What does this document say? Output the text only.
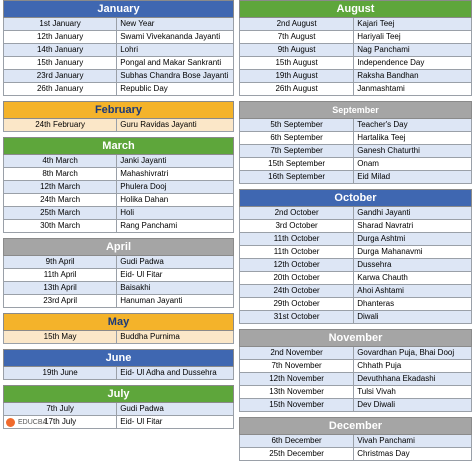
January
1st January	New Year
12th January	Swami Vivekananda Jayanti
14th January	Lohri
15th January	Pongal and Makar Sankranti
23rd January	Subhas Chandra Bose Jayanti
26th January	Republic Day
February
24th February	Guru Ravidas Jayanti
March
4th March	Janki Jayanti
8th March	Mahashivratri
12th March	Phulera Dooj
24th March	Holika Dahan
25th March	Holi
30th March	Rang Panchami
April
9th April	Gudi Padwa
11th April	Eid- Ul Fitar
13th April	Baisakhi
23rd April	Hanuman Jayanti
May
15th May	Buddha Purnima
June
19th June	Eid- Ul Adha and Dussehra
July
7th July	Gudi Padwa
17th July	Eid- Ul Fitar
August
2nd August	Kajari Teej
7th August	Hariyali Teej
9th August	Nag Panchami
15th August	Independence Day
19th August	Raksha Bandhan
26th August	Janmashtami
September
5th September	Teacher's Day
6th September	Hartalika Teej
7th September	Ganesh Chaturthi
15th September	Onam
16th September	Eid Milad
October
2nd October	Gandhi Jayanti
3rd October	Sharad Navratri
11th October	Durga Ashtmi
11th October	Durga Mahanavmi
12th October	Dussehra
20th October	Karwa Chauth
24th October	Ahoi Ashtami
29th October	Dhanteras
31st October	Diwali
November
2nd November	Govardhan Puja, Bhai Dooj
7th November	Chhath Puja
12th November	Devuthhana Ekadashi
13th November	Tulsi Vivah
15th November	Dev Diwali
December
6th December	Vivah Panchami
25th December	Christmas Day
EDUCBA
